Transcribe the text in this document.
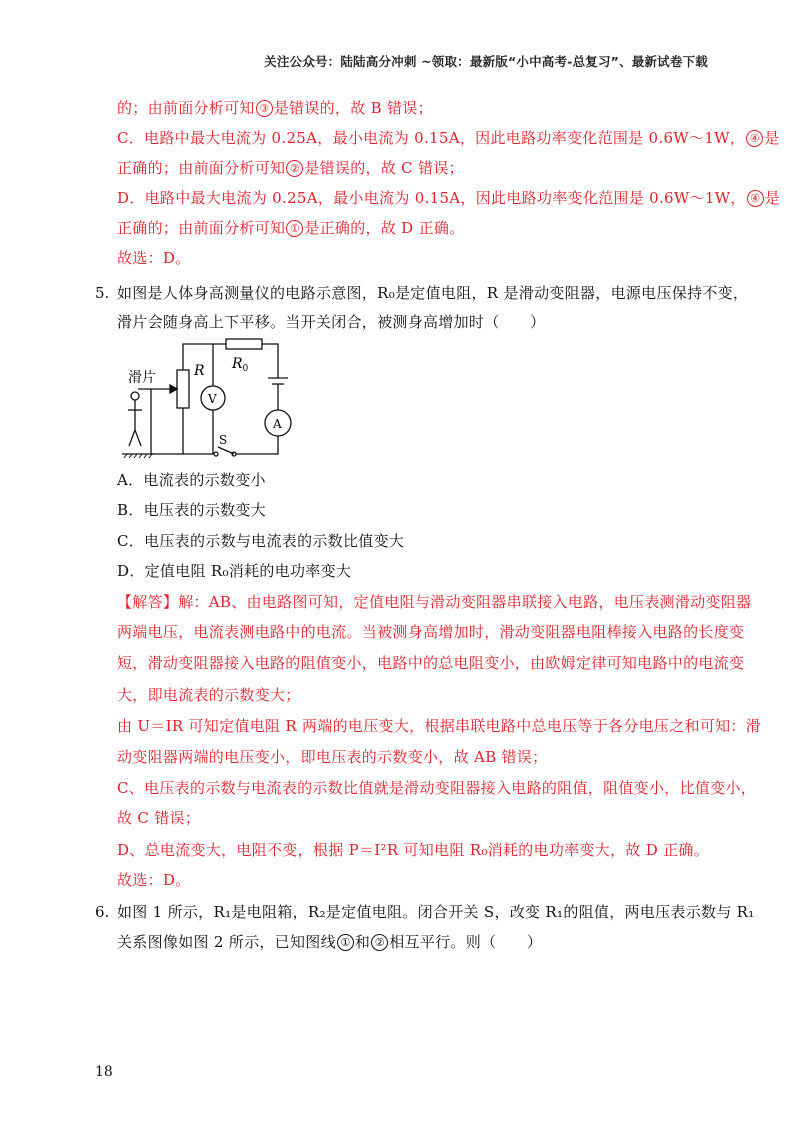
关注公众号：陆陆高分冲刺 ~领取：最新版“小中高考-总复习”、最新试卷下载
的；由前面分析可知 ③ 是错误的，故 B 错误；
C．电路中最大电流为 0.25A，最小电流为 0.15A，因此电路功率变化范围是 0.6W～1W， ④ 是
正确的；由前面分析可知 ② 是错误的，故 C 错误；
D．电路中最大电流为 0.25A，最小电流为 0.15A，因此电路功率变化范围是 0.6W～1W， ④ 是
正确的；由前面分析可知 ① 是正确的，故 D 正确。
故选：D。
5. 如图是人体身高测量仪的电路示意图，R₀是定值电阻，R 是滑动变阻器，电源电压保持不变，
滑片会随身高上下平移。当开关闭合，被测身高增加时（　　）
滑片	R $R_0$
V
A
S
A．电流表的示数变小
B．电压表的示数变大
C．电压表的示数与电流表的示数比值变大
D．定值电阻 R₀消耗的电功率变大
【解答】解：AB、由电路图可知，定值电阻与滑动变阻器串联接入电路，电压表测滑动变阻器
两端电压，电流表测电路中的电流。当被测身高增加时，滑动变阻器电阻棒接入电路的长度变
短，滑动变阻器接入电路的阻值变小，电路中的总电阻变小，由欧姆定律可知电路中的电流变
大，即电流表的示数变大；
由 U＝IR 可知定值电阻 R 两端的电压变大，根据串联电路中总电压等于各分电压之和可知：滑
动变阻器两端的电压变小，即电压表的示数变小，故 AB 错误；
C、电压表的示数与电流表的示数比值就是滑动变阻器接入电路的阻值，阻值变小，比值变小，
故 C 错误；
D、总电流变大，电阻不变，根据 P＝I²R 可知电阻 R₀消耗的电功率变大，故 D 正确。
故选：D。
6. 如图 1 所示，R₁是电阻箱，R₂是定值电阻。闭合开关 S，改变 R₁的阻值，两电压表示数与 R₁
关系图像如图 2 所示，已知图线 ① 和 ② 相互平行。则（　　）
18
